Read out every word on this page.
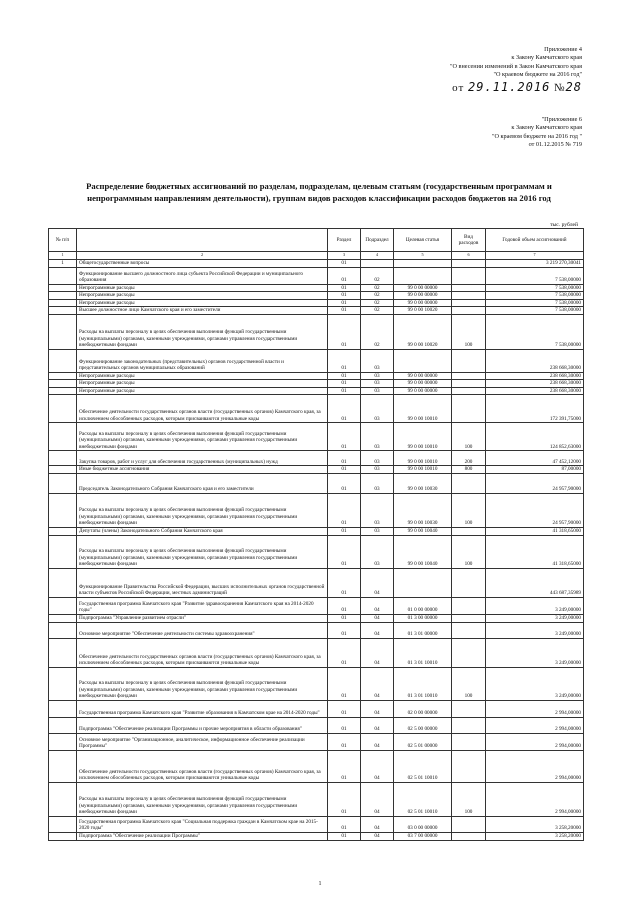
Приложение 4
к Закону Камчатского края
"О внесении изменений в Закон Камчатского края
"О краевом бюджете на 2016 год"
от 29.11.2016 №28
"Приложение 6
к Закону Камчатского края
"О краевом бюджете на 2016 год "
от 01.12.2015 № 719
Распределение бюджетных ассигнований по разделам, подразделам, целевым статьям (государственным программам и непрограммным направлениям деятельности), группам видов расходов классификации расходов бюджетов на 2016 год
тыс. рублей
№ п/п		Раздел	Подраздел	Целевая статья	Вид расходов	Годовой объем ассигнований
1	2	3	4	5	6	7
1	Общегосударственные вопросы	01				3 219 270,30041
	Функционирование высшего должностного лица субъекта Российской Федерации и муниципального образования	01	02			7 538,00000
	Непрограммные расходы	01	02	99 0 00 00000		7 538,00000
	Непрограммные расходы	01	02	99 0 00 00000		7 538,00000
	Непрограммные расходы	01	02	99 0 00 00000		7 538,00000
	Высшее должностное лицо Камчатского края и его заместители	01	02	99 0 00 10020		7 538,00000
	Расходы на выплаты персоналу в целях обеспечения выполнения функций государственными (муниципальными) органами, казенными учреждениями, органами управления государственными внебюджетными фондами	01	02	99 0 00 10020	100	7 538,00000
	Функционирование законодательных (представительных) органов государственной власти и представительных органов муниципальных образований	01	03			238 668,30000
	Непрограммные расходы	01	03	99 0 00 00000		238 668,30000
	Непрограммные расходы	01	03	99 0 00 00000		238 668,30000
	Непрограммные расходы	01	03	99 0 00 00000		238 668,30000
	Обеспечение деятельности государственных органов власти (государственных органов) Камчатского края, за исключением обособленных расходов, которым присваиваются уникальные коды	01	03	99 0 00 10010		172 391,75000
	Расходы на выплаты персоналу в целях обеспечения выполнения функций государственными (муниципальными) органами, казенными учреждениями, органами управления государственными внебюджетными фондами	01	03	99 0 00 10010	100	124 852,63000
	Закупка товаров, работ и услуг для обеспечения государственных (муниципальных) нужд	01	03	99 0 00 10010	200	47 452,12000
	Иные бюджетные ассигнования	01	03	99 0 00 10010	800	87,00000
	Председатель Законодательного Собрания Камчатского края и его заместители	01	03	99 0 00 10030		24 957,90000
	Расходы на выплаты персоналу в целях обеспечения выполнения функций государственными (муниципальными) органами, казенными учреждениями, органами управления государственными внебюджетными фондами	01	03	99 0 00 10030	100	24 957,90000
	Депутаты (члены) Законодательного Собрания Камчатского края	01	03	99 0 00 10040		41 318,65000
	Расходы на выплаты персоналу в целях обеспечения выполнения функций государственными (муниципальными) органами, казенными учреждениями, органами управления государственными внебюджетными фондами	01	03	99 0 00 10040	100	41 318,65000
	Функционирование Правительства Российской Федерации, высших исполнительных органов государственной власти субъектов Российской Федерации, местных администраций	01	04			443 687,35989
	Государственная программа Камчатского края "Развитие здравоохранения Камчатского края на 2014-2020 годы"	01	04	01 0 00 00000		3 249,00000
	Подпрограмма "Управление развитием отрасли"	01	04	01 3 00 00000		3 249,00000
	Основное мероприятие "Обеспечение деятельности системы здравоохранения"	01	04	01 3 01 00000		3 249,00000
	Обеспечение деятельности государственных органов власти (государственных органов) Камчатского края, за исключением обособленных расходов, которым присваиваются уникальные коды	01	04	01 3 01 10010		3 249,00000
	Расходы на выплаты персоналу в целях обеспечения выполнения функций государственными (муниципальными) органами, казенными учреждениями, органами управления государственными внебюджетными фондами	01	04	01 3 01 10010	100	3 249,00000
	Государственная программа Камчатского края "Развитие образования в Камчатском крае на 2014-2020 годы"	01	04	02 0 00 00000		2 994,00000
	Подпрограмма "Обеспечение реализации Программы и прочие мероприятия в области образования"	01	04	02 5 00 00000		2 994,00000
	Основное мероприятие "Организационное, аналитическое, информационное обеспечение реализации Программы"	01	04	02 5 01 00000		2 994,00000
	Обеспечение деятельности государственных органов власти (государственных органов) Камчатского края, за исключением обособленных расходов, которым присваиваются уникальные коды	01	04	02 5 01 10010		2 994,00000
	Расходы на выплаты персоналу в целях обеспечения выполнения функций государственными (муниципальными) органами, казенными учреждениями, органами управления государственными внебюджетными фондами	01	04	02 5 01 10010	100	2 994,00000
	Государственная программа Камчатского края "Социальная поддержка граждан в Камчатском крае на 2015-2020 годы"	01	04	03 0 00 00000		3 258,20000
	Подпрограмма "Обеспечение реализации Программы"	01	04	03 7 00 00000		3 258,20000
1
